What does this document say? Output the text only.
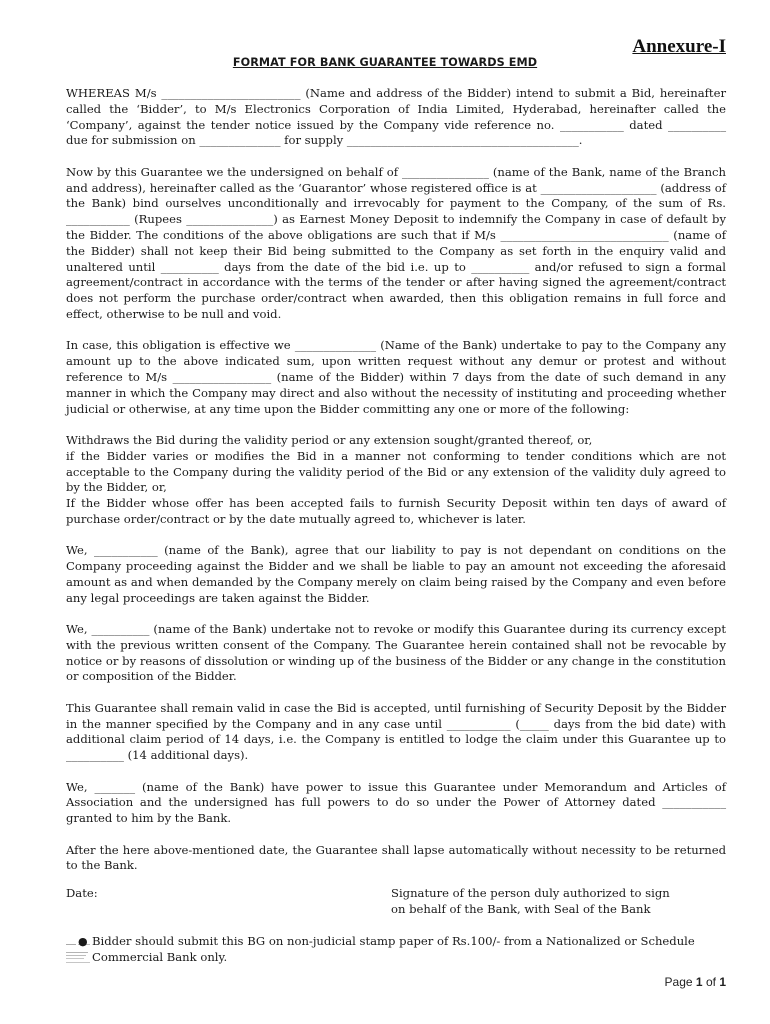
Annexure-I
FORMAT FOR BANK GUARANTEE TOWARDS EMD

WHEREAS M/s ________________________ (Name and address of the Bidder) intend to submit a Bid, hereinafter called the ‘Bidder’, to M/s Electronics Corporation of India Limited, Hyderabad, hereinafter called the ‘Company’, against the tender notice issued by the Company vide reference no. ___________ dated __________ due for submission on ______________ for supply ________________________________________.

Now by this Guarantee we the undersigned on behalf of _______________ (name of the Bank, name of the Branch and address), hereinafter called as the ‘Guarantor’ whose registered office is at ____________________ (address of the Bank) bind ourselves unconditionally and irrevocably for payment to the Company, of the sum of Rs. ___________ (Rupees _______________) as Earnest Money Deposit to indemnify the Company in case of default by the Bidder. The conditions of the above obligations are such that if M/s _____________________________ (name of the Bidder) shall not keep their Bid being submitted to the Company as set forth in the enquiry valid and unaltered until __________ days from the date of the bid i.e. up to __________ and/or refused to sign a formal agreement/contract in accordance with the terms of the tender or after having signed the agreement/contract does not perform the purchase order/contract when awarded, then this obligation remains in full force and effect, otherwise to be null and void.

In case, this obligation is effective we ______________ (Name of the Bank) undertake to pay to the Company any amount up to the above indicated sum, upon written request without any demur or protest and without reference to M/s _________________ (name of the Bidder) within 7 days from the date of such demand in any manner in which the Company may direct and also without the necessity of instituting and proceeding whether judicial or otherwise, at any time upon the Bidder committing any one or more of the following:

Withdraws the Bid during the validity period or any extension sought/granted thereof, or,

if the Bidder varies or modifies the Bid in a manner not conforming to tender conditions which are not acceptable to the Company during the validity period of the Bid or any extension of the validity duly agreed to by the Bidder, or,

If the Bidder whose offer has been accepted fails to furnish Security Deposit within ten days of award of purchase order/contract or by the date mutually agreed to, whichever is later.

We, ___________ (name of the Bank), agree that our liability to pay is not dependant on conditions on the Company proceeding against the Bidder and we shall be liable to pay an amount not exceeding the aforesaid amount as and when demanded by the Company merely on claim being raised by the Company and even before any legal proceedings are taken against the Bidder.

We, __________ (name of the Bank) undertake not to revoke or modify this Guarantee during its currency except with the previous written consent of the Company. The Guarantee herein contained shall not be revocable by notice or by reasons of dissolution or winding up of the business of the Bidder or any change in the constitution or composition of the Bidder.

This Guarantee shall remain valid in case the Bid is accepted, until furnishing of Security Deposit by the Bidder in the manner specified by the Company and in any case until ___________ (_____ days from the bid date) with additional claim period of 14 days, i.e. the Company is entitled to lodge the claim under this Guarantee up to __________ (14 additional days).

We, _______ (name of the Bank) have power to issue this Guarantee under Memorandum and Articles of Association and the undersigned has full powers to do so under the Power of Attorney dated ___________ granted to him by the Bank.

After the here above-mentioned date, the Guarantee shall lapse automatically without necessity to be returned to the Bank.

Date:	Signature of the person duly authorized to sign
on behalf of the Bank, with Seal of the Bank
● Bidder should submit this BG on non-judicial stamp paper of Rs.100/- from a Nationalized or Schedule Commercial Bank only.
Page 1 of 1
